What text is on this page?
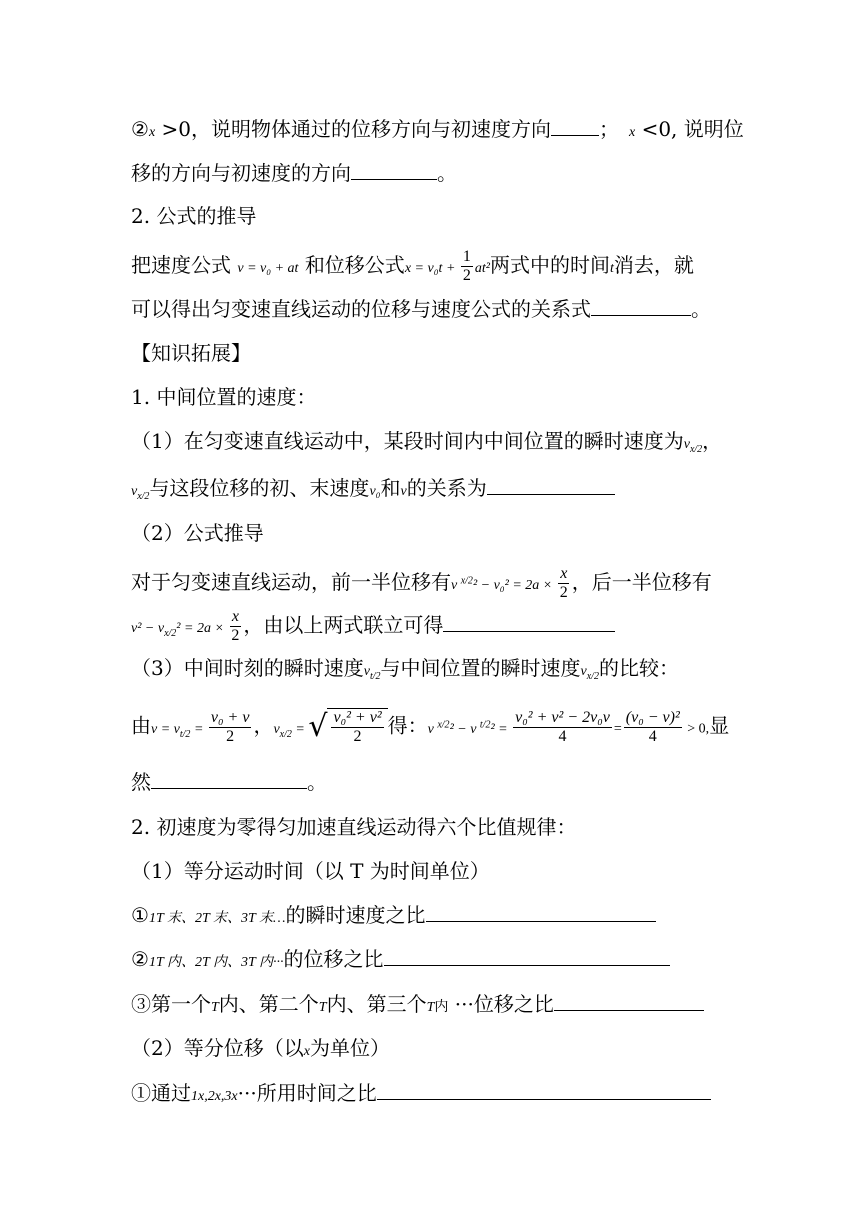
②x >0，说明物体通过的位移方向与初速度方向 ； x <0, 说明位
移的方向与初速度的方向	。
2. 公式的推导
把速度公式 v = v₀ + at 和位移公式$x = v_0t + \frac{1}{2} at^2$两式中的时间t消去，就
可以得出匀变速直线运动的位移与速度公式的关系式	。
【知识拓展】
1. 中间位置的速度：
（1）在匀变速直线运动中，某段时间内中间位置的瞬时速度为$v_{x/2}$，
$v_{x/2}$与这段位移的初、末速度v₀和v的关系为
（2）公式推导
对于匀变速直线运动，前一半位移有v $^{x/2}^2 - v_0^2 = 2a \times \frac{x}{2}$ ，后一半位移有
$v^2 - v_{x/2}^2 = 2a \times \frac{x}{2}$ ，由以上两式联立可得
（3）中间时刻的瞬时速度$v_{t/2}$与中间位置的瞬时速度$v_{x/2}$的比较：
由$v = v_{t/2} = \frac{\text{v₀ + v}}{2}$ ，$v_{x/2}$ = √ $\frac{\text{v₀² + v²}}{2}$ 得：v $^{x/2}$² − v $^{t/2}^2 = \frac{\text{v₀² + v² − 2v₀v}}{4} = \frac{\text{(v₀ − v)²}}{4} > 0$,显
然	。
2. 初速度为零得匀加速直线运动得六个比值规律：
（1）等分运动时间（以 T 为时间单位）
①1T 末、2T 末、3T 末…的瞬时速度之比
②1T 内、2T 内、3T 内···的位移之比
③第一个T内、第二个T内、第三个T内 ···位移之比
（2）等分位移（以x为单位）
①通过1x,2x,3x···所用时间之比
